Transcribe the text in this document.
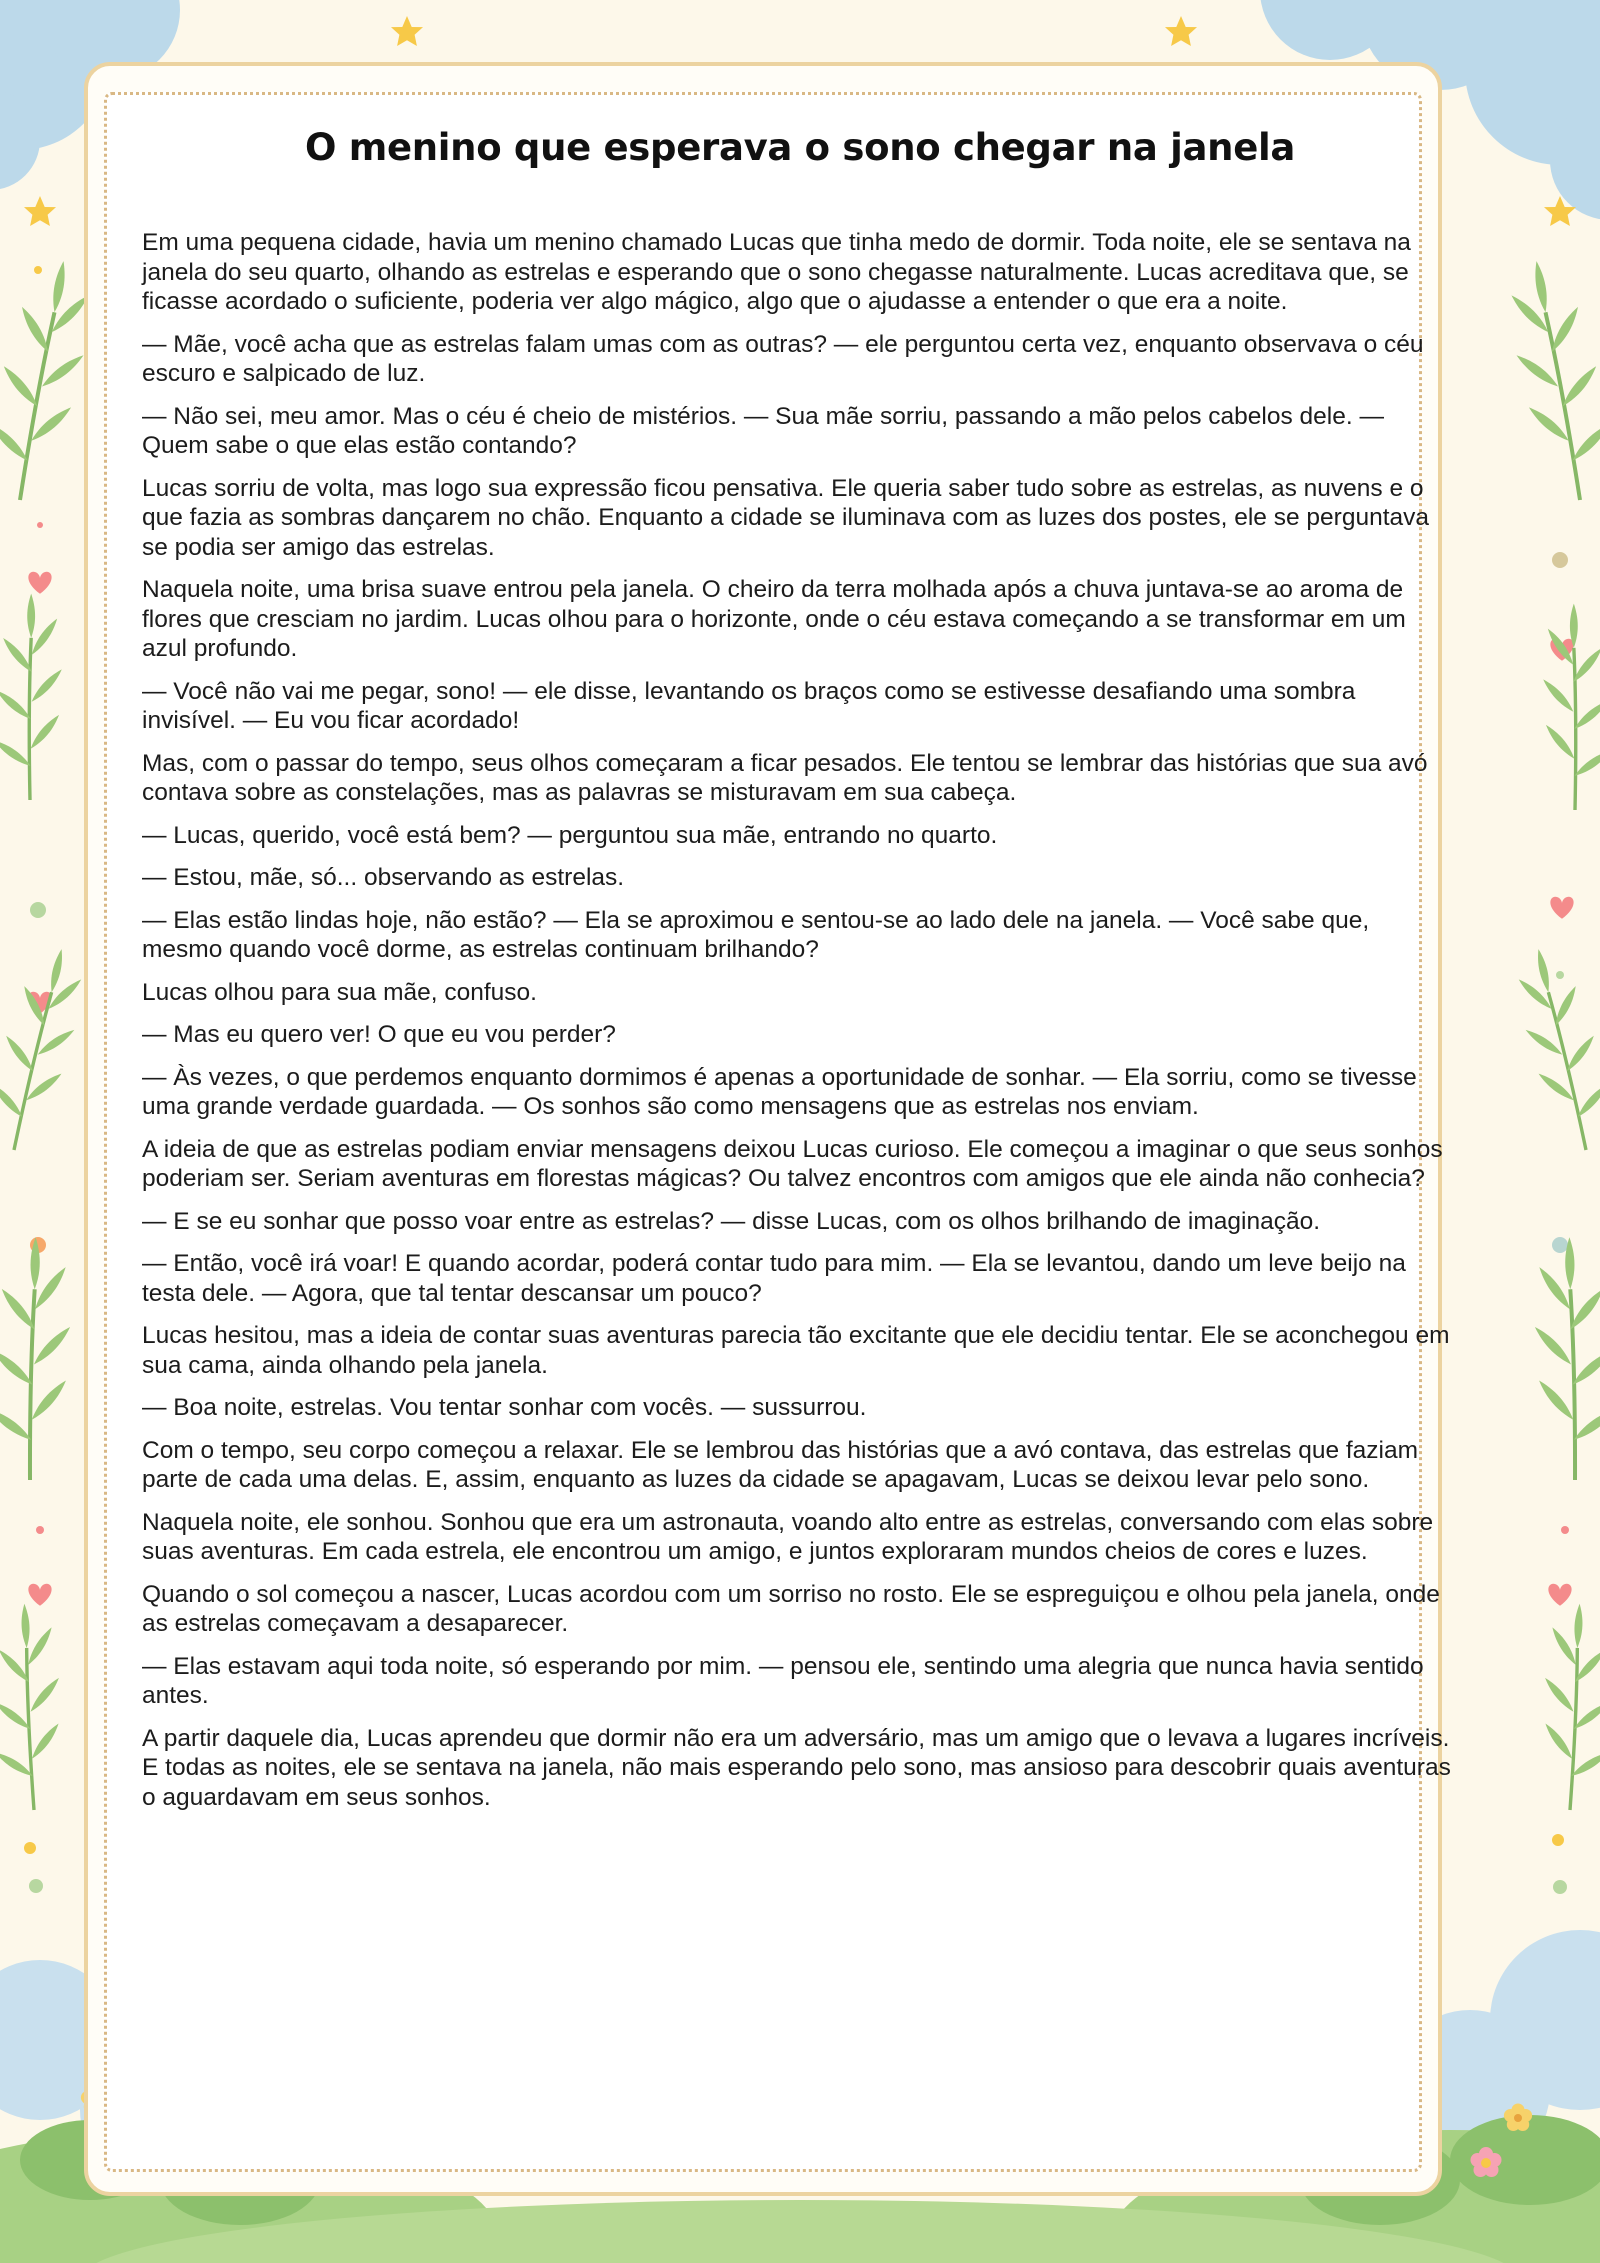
O menino que esperava o sono chegar na janela

Em uma pequena cidade, havia um menino chamado Lucas que tinha medo de dormir. Toda noite, ele se sentava na janela do seu quarto, olhando as estrelas e esperando que o sono chegasse naturalmente. Lucas acreditava que, se ficasse acordado o suficiente, poderia ver algo mágico, algo que o ajudasse a entender o que era a noite.

— Mãe, você acha que as estrelas falam umas com as outras? — ele perguntou certa vez, enquanto observava o céu escuro e salpicado de luz.

— Não sei, meu amor. Mas o céu é cheio de mistérios. — Sua mãe sorriu, passando a mão pelos cabelos dele. — Quem sabe o que elas estão contando?

Lucas sorriu de volta, mas logo sua expressão ficou pensativa. Ele queria saber tudo sobre as estrelas, as nuvens e o que fazia as sombras dançarem no chão. Enquanto a cidade se iluminava com as luzes dos postes, ele se perguntava se podia ser amigo das estrelas.

Naquela noite, uma brisa suave entrou pela janela. O cheiro da terra molhada após a chuva juntava-se ao aroma de flores que cresciam no jardim. Lucas olhou para o horizonte, onde o céu estava começando a se transformar em um azul profundo.

— Você não vai me pegar, sono! — ele disse, levantando os braços como se estivesse desafiando uma sombra invisível. — Eu vou ficar acordado!

Mas, com o passar do tempo, seus olhos começaram a ficar pesados. Ele tentou se lembrar das histórias que sua avó contava sobre as constelações, mas as palavras se misturavam em sua cabeça.

— Lucas, querido, você está bem? — perguntou sua mãe, entrando no quarto.

— Estou, mãe, só... observando as estrelas.

— Elas estão lindas hoje, não estão? — Ela se aproximou e sentou-se ao lado dele na janela. — Você sabe que, mesmo quando você dorme, as estrelas continuam brilhando?

Lucas olhou para sua mãe, confuso.

— Mas eu quero ver! O que eu vou perder?

— Às vezes, o que perdemos enquanto dormimos é apenas a oportunidade de sonhar. — Ela sorriu, como se tivesse uma grande verdade guardada. — Os sonhos são como mensagens que as estrelas nos enviam.

A ideia de que as estrelas podiam enviar mensagens deixou Lucas curioso. Ele começou a imaginar o que seus sonhos poderiam ser. Seriam aventuras em florestas mágicas? Ou talvez encontros com amigos que ele ainda não conhecia?

— E se eu sonhar que posso voar entre as estrelas? — disse Lucas, com os olhos brilhando de imaginação.

— Então, você irá voar! E quando acordar, poderá contar tudo para mim. — Ela se levantou, dando um leve beijo na testa dele. — Agora, que tal tentar descansar um pouco?

Lucas hesitou, mas a ideia de contar suas aventuras parecia tão excitante que ele decidiu tentar. Ele se aconchegou em sua cama, ainda olhando pela janela.

— Boa noite, estrelas. Vou tentar sonhar com vocês. — sussurrou.

Com o tempo, seu corpo começou a relaxar. Ele se lembrou das histórias que a avó contava, das estrelas que faziam parte de cada uma delas. E, assim, enquanto as luzes da cidade se apagavam, Lucas se deixou levar pelo sono.

Naquela noite, ele sonhou. Sonhou que era um astronauta, voando alto entre as estrelas, conversando com elas sobre suas aventuras. Em cada estrela, ele encontrou um amigo, e juntos exploraram mundos cheios de cores e luzes.

Quando o sol começou a nascer, Lucas acordou com um sorriso no rosto. Ele se espreguiçou e olhou pela janela, onde as estrelas começavam a desaparecer.

— Elas estavam aqui toda noite, só esperando por mim. — pensou ele, sentindo uma alegria que nunca havia sentido antes.

A partir daquele dia, Lucas aprendeu que dormir não era um adversário, mas um amigo que o levava a lugares incríveis. E todas as noites, ele se sentava na janela, não mais esperando pelo sono, mas ansioso para descobrir quais aventuras o aguardavam em seus sonhos.
